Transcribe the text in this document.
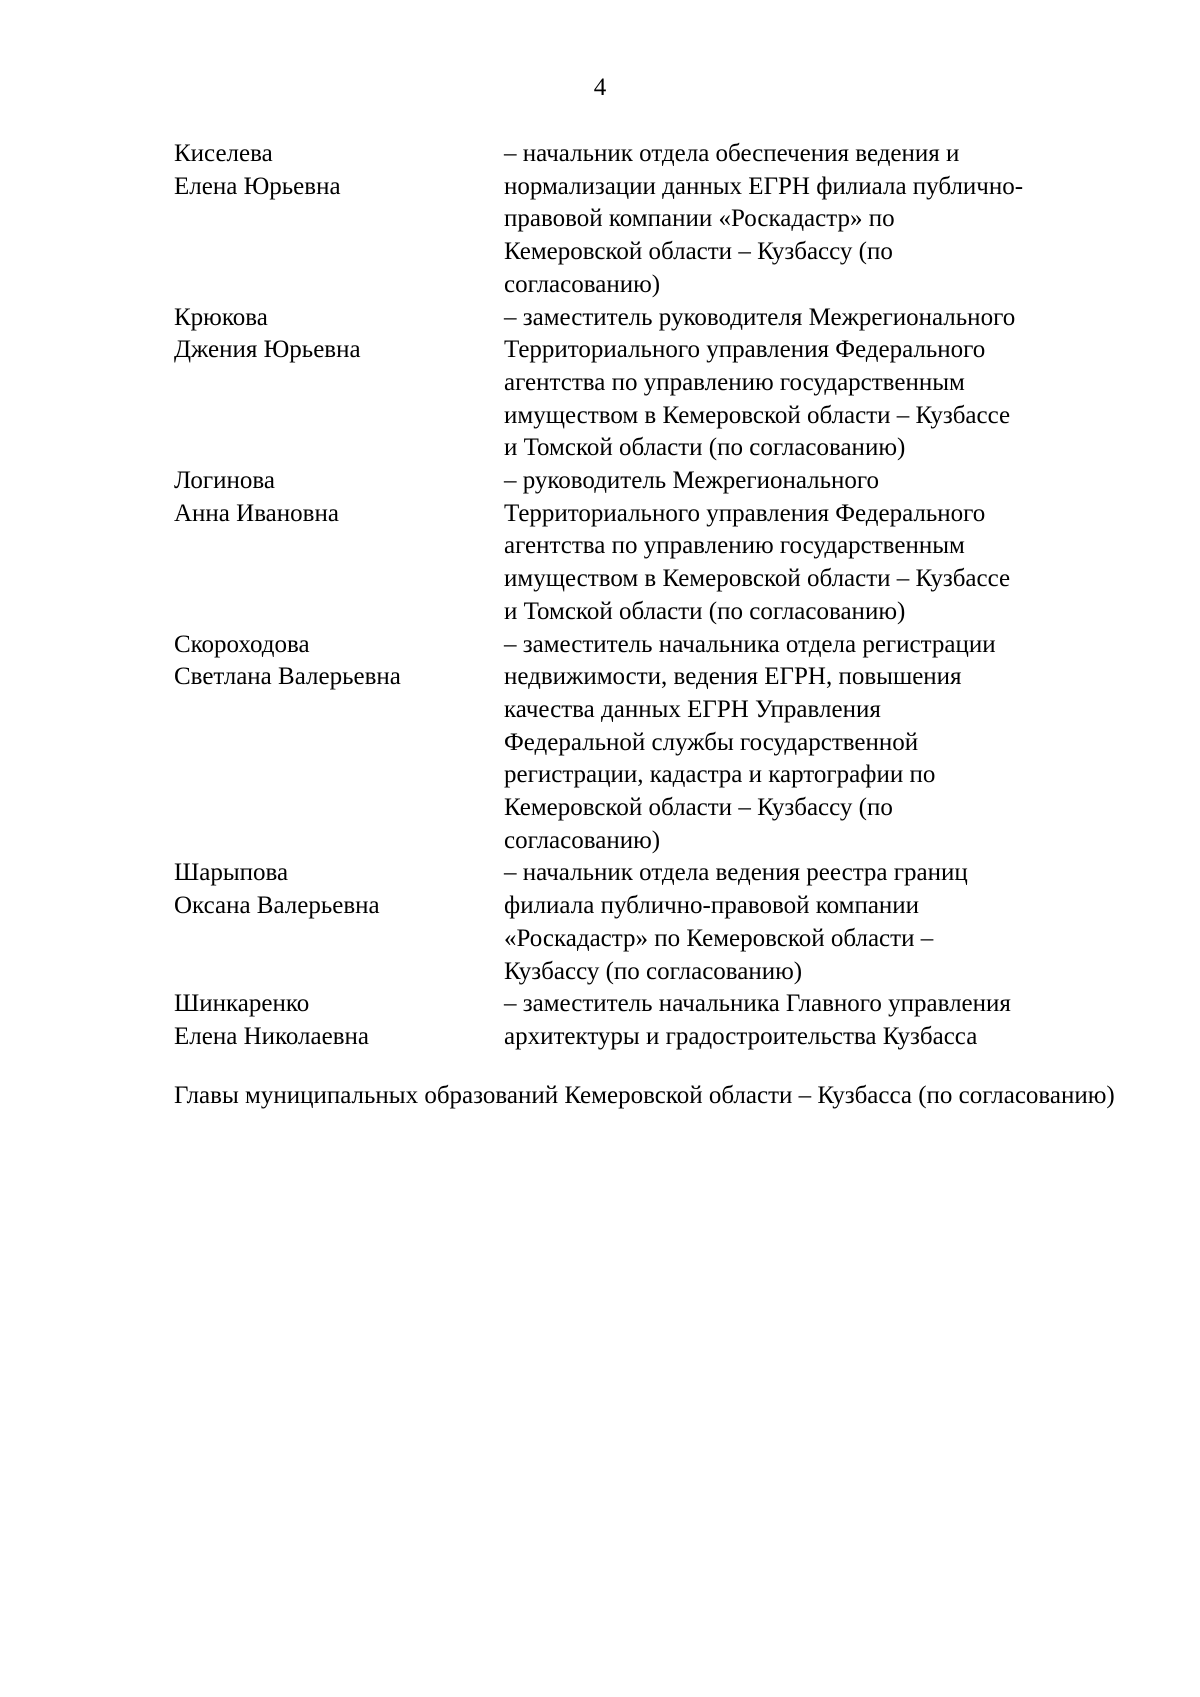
4
Киселева
Елена Юрьевна
– начальник отдела обеспечения ведения и
нормализации данных ЕГРН филиала публично-
правовой компании «Роскадастр» по
Кемеровской области – Кузбассу (по
согласованию)
Крюкова
Джения Юрьевна
– заместитель руководителя Межрегионального
Территориального управления Федерального
агентства по управлению государственным
имуществом в Кемеровской области – Кузбассе
и Томской области (по согласованию)
Логинова
Анна Ивановна
– руководитель Межрегионального
Территориального управления Федерального
агентства по управлению государственным
имуществом в Кемеровской области – Кузбассе
и Томской области (по согласованию)
Скороходова
Светлана Валерьевна
– заместитель начальника отдела регистрации
недвижимости, ведения ЕГРН, повышения
качества данных ЕГРН Управления
Федеральной службы государственной
регистрации, кадастра и картографии по
Кемеровской области – Кузбассу (по
согласованию)
Шарыпова
Оксана Валерьевна
– начальник отдела ведения реестра границ
филиала публично-правовой компании
«Роскадастр» по Кемеровской области –
Кузбассу (по согласованию)
Шинкаренко
Елена Николаевна
– заместитель начальника Главного управления
архитектуры и градостроительства Кузбасса
Главы муниципальных образований Кемеровской области – Кузбасса (по согласованию)
